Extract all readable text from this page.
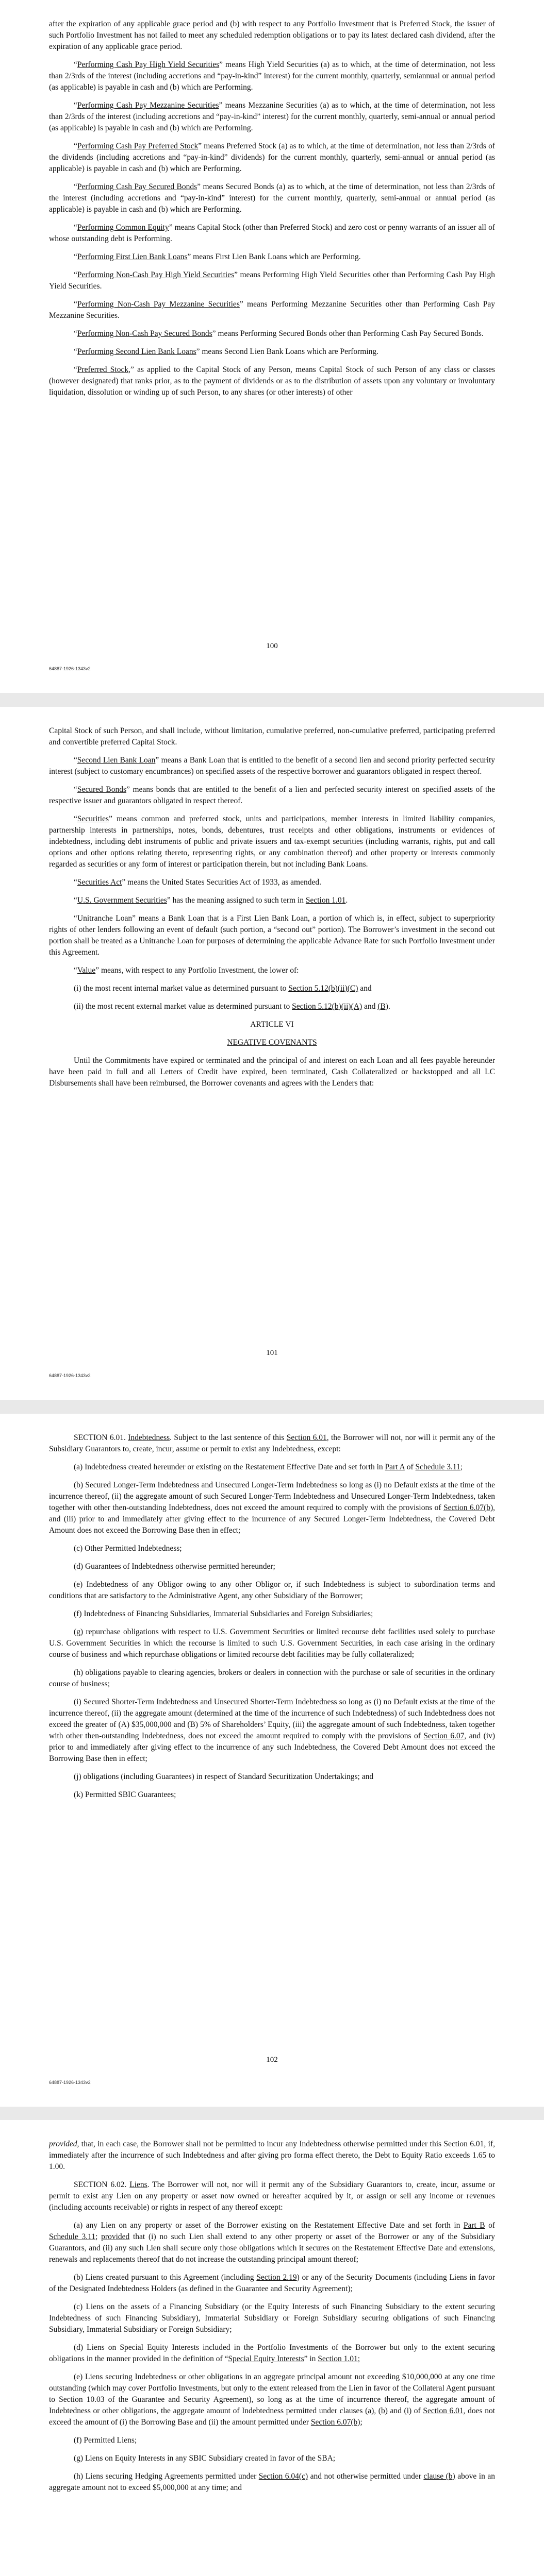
after the expiration of any applicable grace period and (b) with respect to any Portfolio Investment that is Preferred Stock, the issuer of such Portfolio Investment has not failed to meet any scheduled redemption obligations or to pay its latest declared cash dividend, after the expiration of any applicable grace period.

“Performing Cash Pay High Yield Securities” means High Yield Securities (a) as to which, at the time of determination, not less than 2/3rds of the interest (including accretions and “pay-in-kind” interest) for the current monthly, quarterly, semiannual or annual period (as applicable) is payable in cash and (b) which are Performing.

“Performing Cash Pay Mezzanine Securities” means Mezzanine Securities (a) as to which, at the time of determination, not less than 2/3rds of the interest (including accretions and “pay-in-kind” interest) for the current monthly, quarterly, semi-annual or annual period (as applicable) is payable in cash and (b) which are Performing.

“Performing Cash Pay Preferred Stock” means Preferred Stock (a) as to which, at the time of determination, not less than 2/3rds of the dividends (including accretions and “pay-in-kind” dividends) for the current monthly, quarterly, semi-annual or annual period (as applicable) is payable in cash and (b) which are Performing.

“Performing Cash Pay Secured Bonds” means Secured Bonds (a) as to which, at the time of determination, not less than 2/3rds of the interest (including accretions and “pay-in-kind” interest) for the current monthly, quarterly, semi-annual or annual period (as applicable) is payable in cash and (b) which are Performing.

“Performing Common Equity” means Capital Stock (other than Preferred Stock) and zero cost or penny warrants of an issuer all of whose outstanding debt is Performing.

“Performing First Lien Bank Loans” means First Lien Bank Loans which are Performing.

“Performing Non-Cash Pay High Yield Securities” means Performing High Yield Securities other than Performing Cash Pay High Yield Securities.

“Performing Non-Cash Pay Mezzanine Securities” means Performing Mezzanine Securities other than Performing Cash Pay Mezzanine Securities.

“Performing Non-Cash Pay Secured Bonds” means Performing Secured Bonds other than Performing Cash Pay Secured Bonds.

“Performing Second Lien Bank Loans” means Second Lien Bank Loans which are Performing.

“Preferred Stock,” as applied to the Capital Stock of any Person, means Capital Stock of such Person of any class or classes (however designated) that ranks prior, as to the payment of dividends or as to the distribution of assets upon any voluntary or involuntary liquidation, dissolution or winding up of such Person, to any shares (or other interests) of other

100
64887-1926-1343v2

Capital Stock of such Person, and shall include, without limitation, cumulative preferred, non-cumulative preferred, participating preferred and convertible preferred Capital Stock.

“Second Lien Bank Loan” means a Bank Loan that is entitled to the benefit of a second lien and second priority perfected security interest (subject to customary encumbrances) on specified assets of the respective borrower and guarantors obligated in respect thereof.

“Secured Bonds” means bonds that are entitled to the benefit of a lien and perfected security interest on specified assets of the respective issuer and guarantors obligated in respect thereof.

“Securities” means common and preferred stock, units and participations, member interests in limited liability companies, partnership interests in partnerships, notes, bonds, debentures, trust receipts and other obligations, instruments or evidences of indebtedness, including debt instruments of public and private issuers and tax-exempt securities (including warrants, rights, put and call options and other options relating thereto, representing rights, or any combination thereof) and other property or interests commonly regarded as securities or any form of interest or participation therein, but not including Bank Loans.

“Securities Act” means the United States Securities Act of 1933, as amended.

“U.S. Government Securities” has the meaning assigned to such term in Section 1.01.

“Unitranche Loan” means a Bank Loan that is a First Lien Bank Loan, a portion of which is, in effect, subject to superpriority rights of other lenders following an event of default (such portion, a “second out” portion). The Borrower’s investment in the second out portion shall be treated as a Unitranche Loan for purposes of determining the applicable Advance Rate for such Portfolio Investment under this Agreement.

“Value” means, with respect to any Portfolio Investment, the lower of:

(i) the most recent internal market value as determined pursuant to Section 5.12(b)(ii)(C) and

(ii) the most recent external market value as determined pursuant to Section 5.12(b)(ii)(A) and (B).

ARTICLE VI

NEGATIVE COVENANTS

Until the Commitments have expired or terminated and the principal of and interest on each Loan and all fees payable hereunder have been paid in full and all Letters of Credit have expired, been terminated, Cash Collateralized or backstopped and all LC Disbursements shall have been reimbursed, the Borrower covenants and agrees with the Lenders that:

101
64887-1926-1343v2

SECTION 6.01. Indebtedness. Subject to the last sentence of this Section 6.01, the Borrower will not, nor will it permit any of the Subsidiary Guarantors to, create, incur, assume or permit to exist any Indebtedness, except:

(a) Indebtedness created hereunder or existing on the Restatement Effective Date and set forth in Part A of Schedule 3.11;

(b) Secured Longer-Term Indebtedness and Unsecured Longer-Term Indebtedness so long as (i) no Default exists at the time of the incurrence thereof, (ii) the aggregate amount of such Secured Longer-Term Indebtedness and Unsecured Longer-Term Indebtedness, taken together with other then-outstanding Indebtedness, does not exceed the amount required to comply with the provisions of Section 6.07(b), and (iii) prior to and immediately after giving effect to the incurrence of any Secured Longer-Term Indebtedness, the Covered Debt Amount does not exceed the Borrowing Base then in effect;

(c) Other Permitted Indebtedness;

(d) Guarantees of Indebtedness otherwise permitted hereunder;

(e) Indebtedness of any Obligor owing to any other Obligor or, if such Indebtedness is subject to subordination terms and conditions that are satisfactory to the Administrative Agent, any other Subsidiary of the Borrower;

(f) Indebtedness of Financing Subsidiaries, Immaterial Subsidiaries and Foreign Subsidiaries;

(g) repurchase obligations with respect to U.S. Government Securities or limited recourse debt facilities used solely to purchase U.S. Government Securities in which the recourse is limited to such U.S. Government Securities, in each case arising in the ordinary course of business and which repurchase obligations or limited recourse debt facilities may be fully collateralized;

(h) obligations payable to clearing agencies, brokers or dealers in connection with the purchase or sale of securities in the ordinary course of business;

(i) Secured Shorter-Term Indebtedness and Unsecured Shorter-Term Indebtedness so long as (i) no Default exists at the time of the incurrence thereof, (ii) the aggregate amount (determined at the time of the incurrence of such Indebtedness) of such Indebtedness does not exceed the greater of (A) $35,000,000 and (B) 5% of Shareholders’ Equity, (iii) the aggregate amount of such Indebtedness, taken together with other then-outstanding Indebtedness, does not exceed the amount required to comply with the provisions of Section 6.07, and (iv) prior to and immediately after giving effect to the incurrence of any such Indebtedness, the Covered Debt Amount does not exceed the Borrowing Base then in effect;

(j) obligations (including Guarantees) in respect of Standard Securitization Undertakings; and

(k) Permitted SBIC Guarantees;

102
64887-1926-1343v2

provided, that, in each case, the Borrower shall not be permitted to incur any Indebtedness otherwise permitted under this Section 6.01, if, immediately after the incurrence of such Indebtedness and after giving pro forma effect thereto, the Debt to Equity Ratio exceeds 1.65 to 1.00.

SECTION 6.02. Liens. The Borrower will not, nor will it permit any of the Subsidiary Guarantors to, create, incur, assume or permit to exist any Lien on any property or asset now owned or hereafter acquired by it, or assign or sell any income or revenues (including accounts receivable) or rights in respect of any thereof except:

(a) any Lien on any property or asset of the Borrower existing on the Restatement Effective Date and set forth in Part B of Schedule 3.11; provided that (i) no such Lien shall extend to any other property or asset of the Borrower or any of the Subsidiary Guarantors, and (ii) any such Lien shall secure only those obligations which it secures on the Restatement Effective Date and extensions, renewals and replacements thereof that do not increase the outstanding principal amount thereof;

(b) Liens created pursuant to this Agreement (including Section 2.19) or any of the Security Documents (including Liens in favor of the Designated Indebtedness Holders (as defined in the Guarantee and Security Agreement);

(c) Liens on the assets of a Financing Subsidiary (or the Equity Interests of such Financing Subsidiary to the extent securing Indebtedness of such Financing Subsidiary), Immaterial Subsidiary or Foreign Subsidiary securing obligations of such Financing Subsidiary, Immaterial Subsidiary or Foreign Subsidiary;

(d) Liens on Special Equity Interests included in the Portfolio Investments of the Borrower but only to the extent securing obligations in the manner provided in the definition of “Special Equity Interests” in Section 1.01;

(e) Liens securing Indebtedness or other obligations in an aggregate principal amount not exceeding $10,000,000 at any one time outstanding (which may cover Portfolio Investments, but only to the extent released from the Lien in favor of the Collateral Agent pursuant to Section 10.03 of the Guarantee and Security Agreement), so long as at the time of incurrence thereof, the aggregate amount of Indebtedness or other obligations, the aggregate amount of Indebtedness permitted under clauses (a), (b) and (i) of Section 6.01, does not exceed the amount of (i) the Borrowing Base and (ii) the amount permitted under Section 6.07(b);

(f) Permitted Liens;

(g) Liens on Equity Interests in any SBIC Subsidiary created in favor of the SBA;

(h) Liens securing Hedging Agreements permitted under Section 6.04(c) and not otherwise permitted under clause (b) above in an aggregate amount not to exceed $5,000,000 at any time; and
